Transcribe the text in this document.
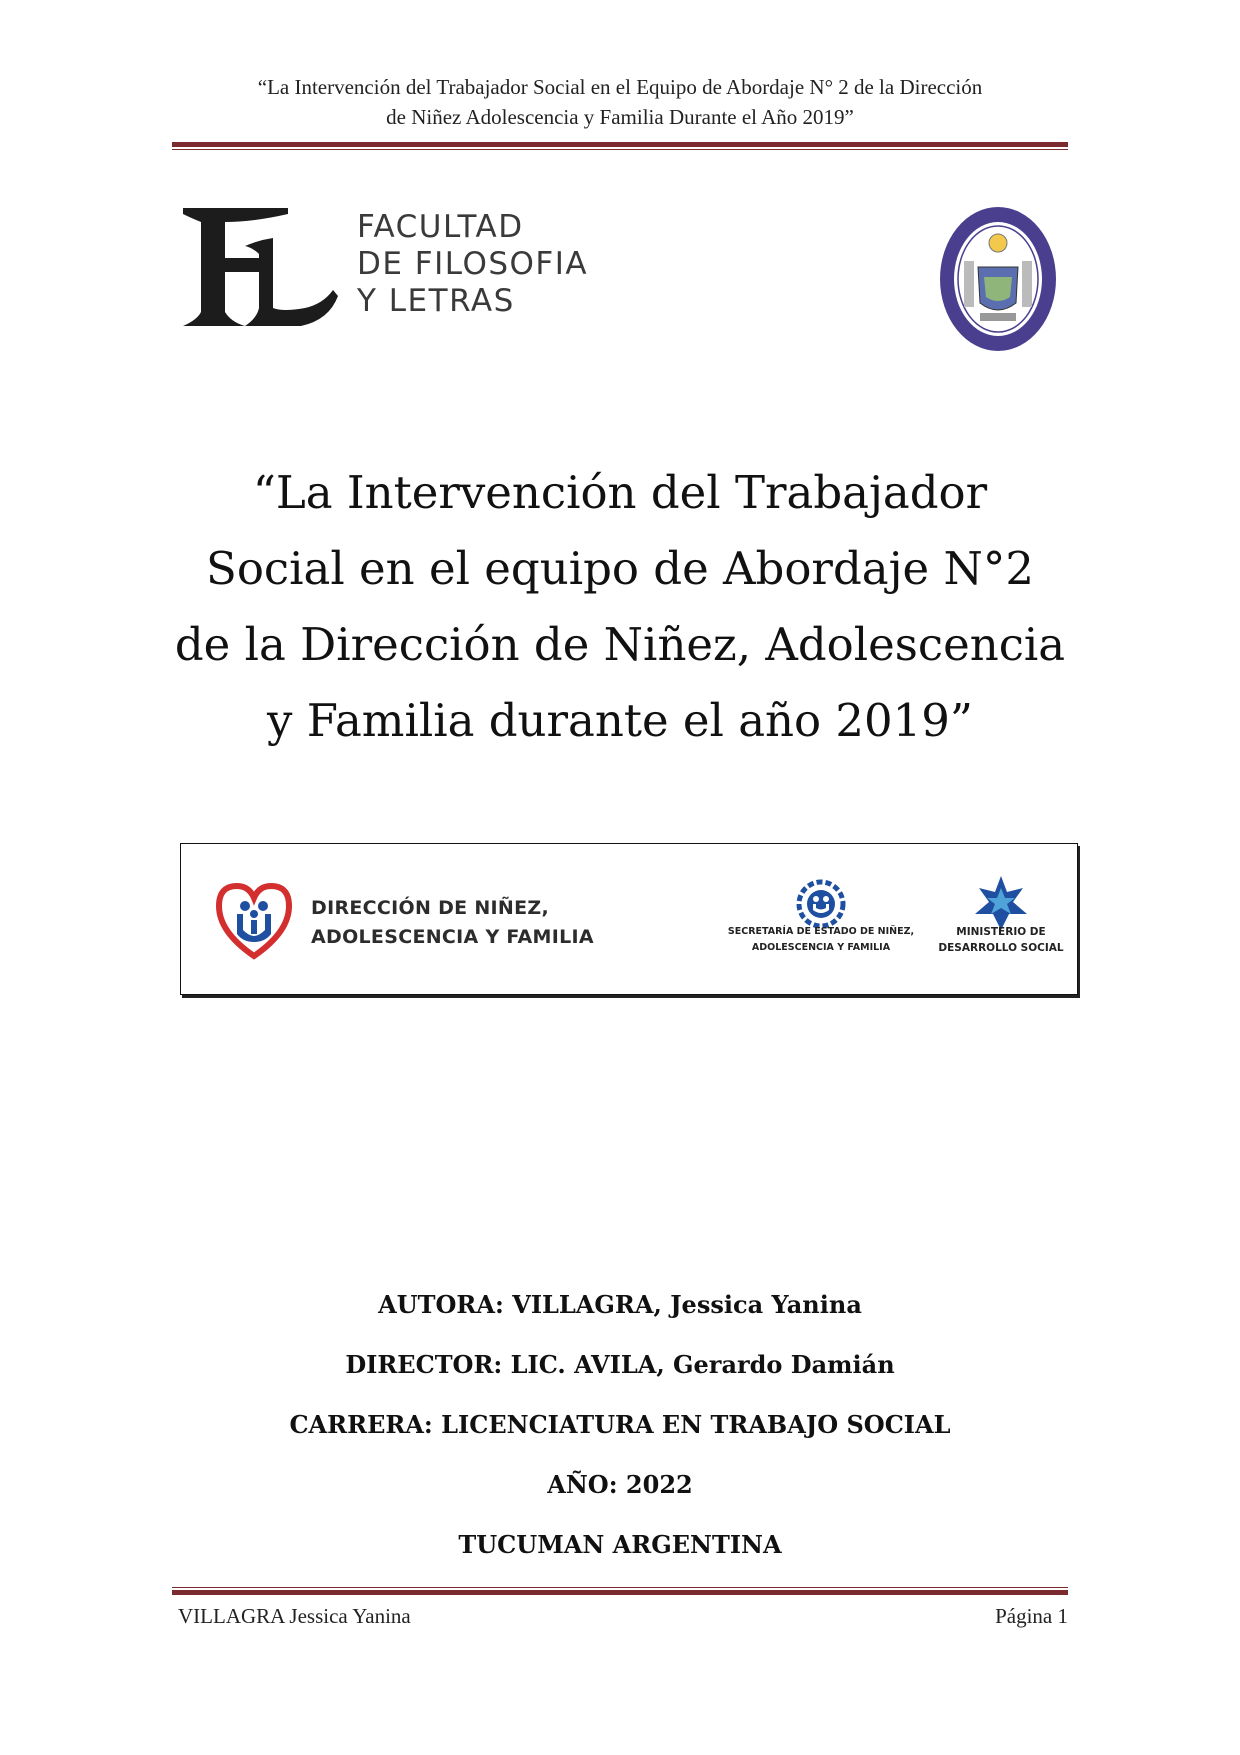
“La Intervención del Trabajador Social en el Equipo de Abordaje N° 2 de la Dirección
de Niñez Adolescencia y Familia Durante el Año 2019”
FACULTAD
DE FILOSOFIA
Y LETRAS
“La Intervención del Trabajador
Social en el equipo de Abordaje N°2
de la Dirección de Niñez, Adolescencia
y Familia durante el año 2019”
DIRECCIÓN DE NIÑEZ,
ADOLESCENCIA Y FAMILIA	SECRETARÍA DE ESTADO DE NIÑEZ,
ADOLESCENCIA Y FAMILIA
MINISTERIO DE
DESARROLLO SOCIAL
AUTORA: VILLAGRA, Jessica Yanina
DIRECTOR: LIC. AVILA, Gerardo Damián
CARRERA: LICENCIATURA EN TRABAJO SOCIAL
AÑO: 2022
TUCUMAN ARGENTINA
VILLAGRA Jessica Yanina	Página 1
